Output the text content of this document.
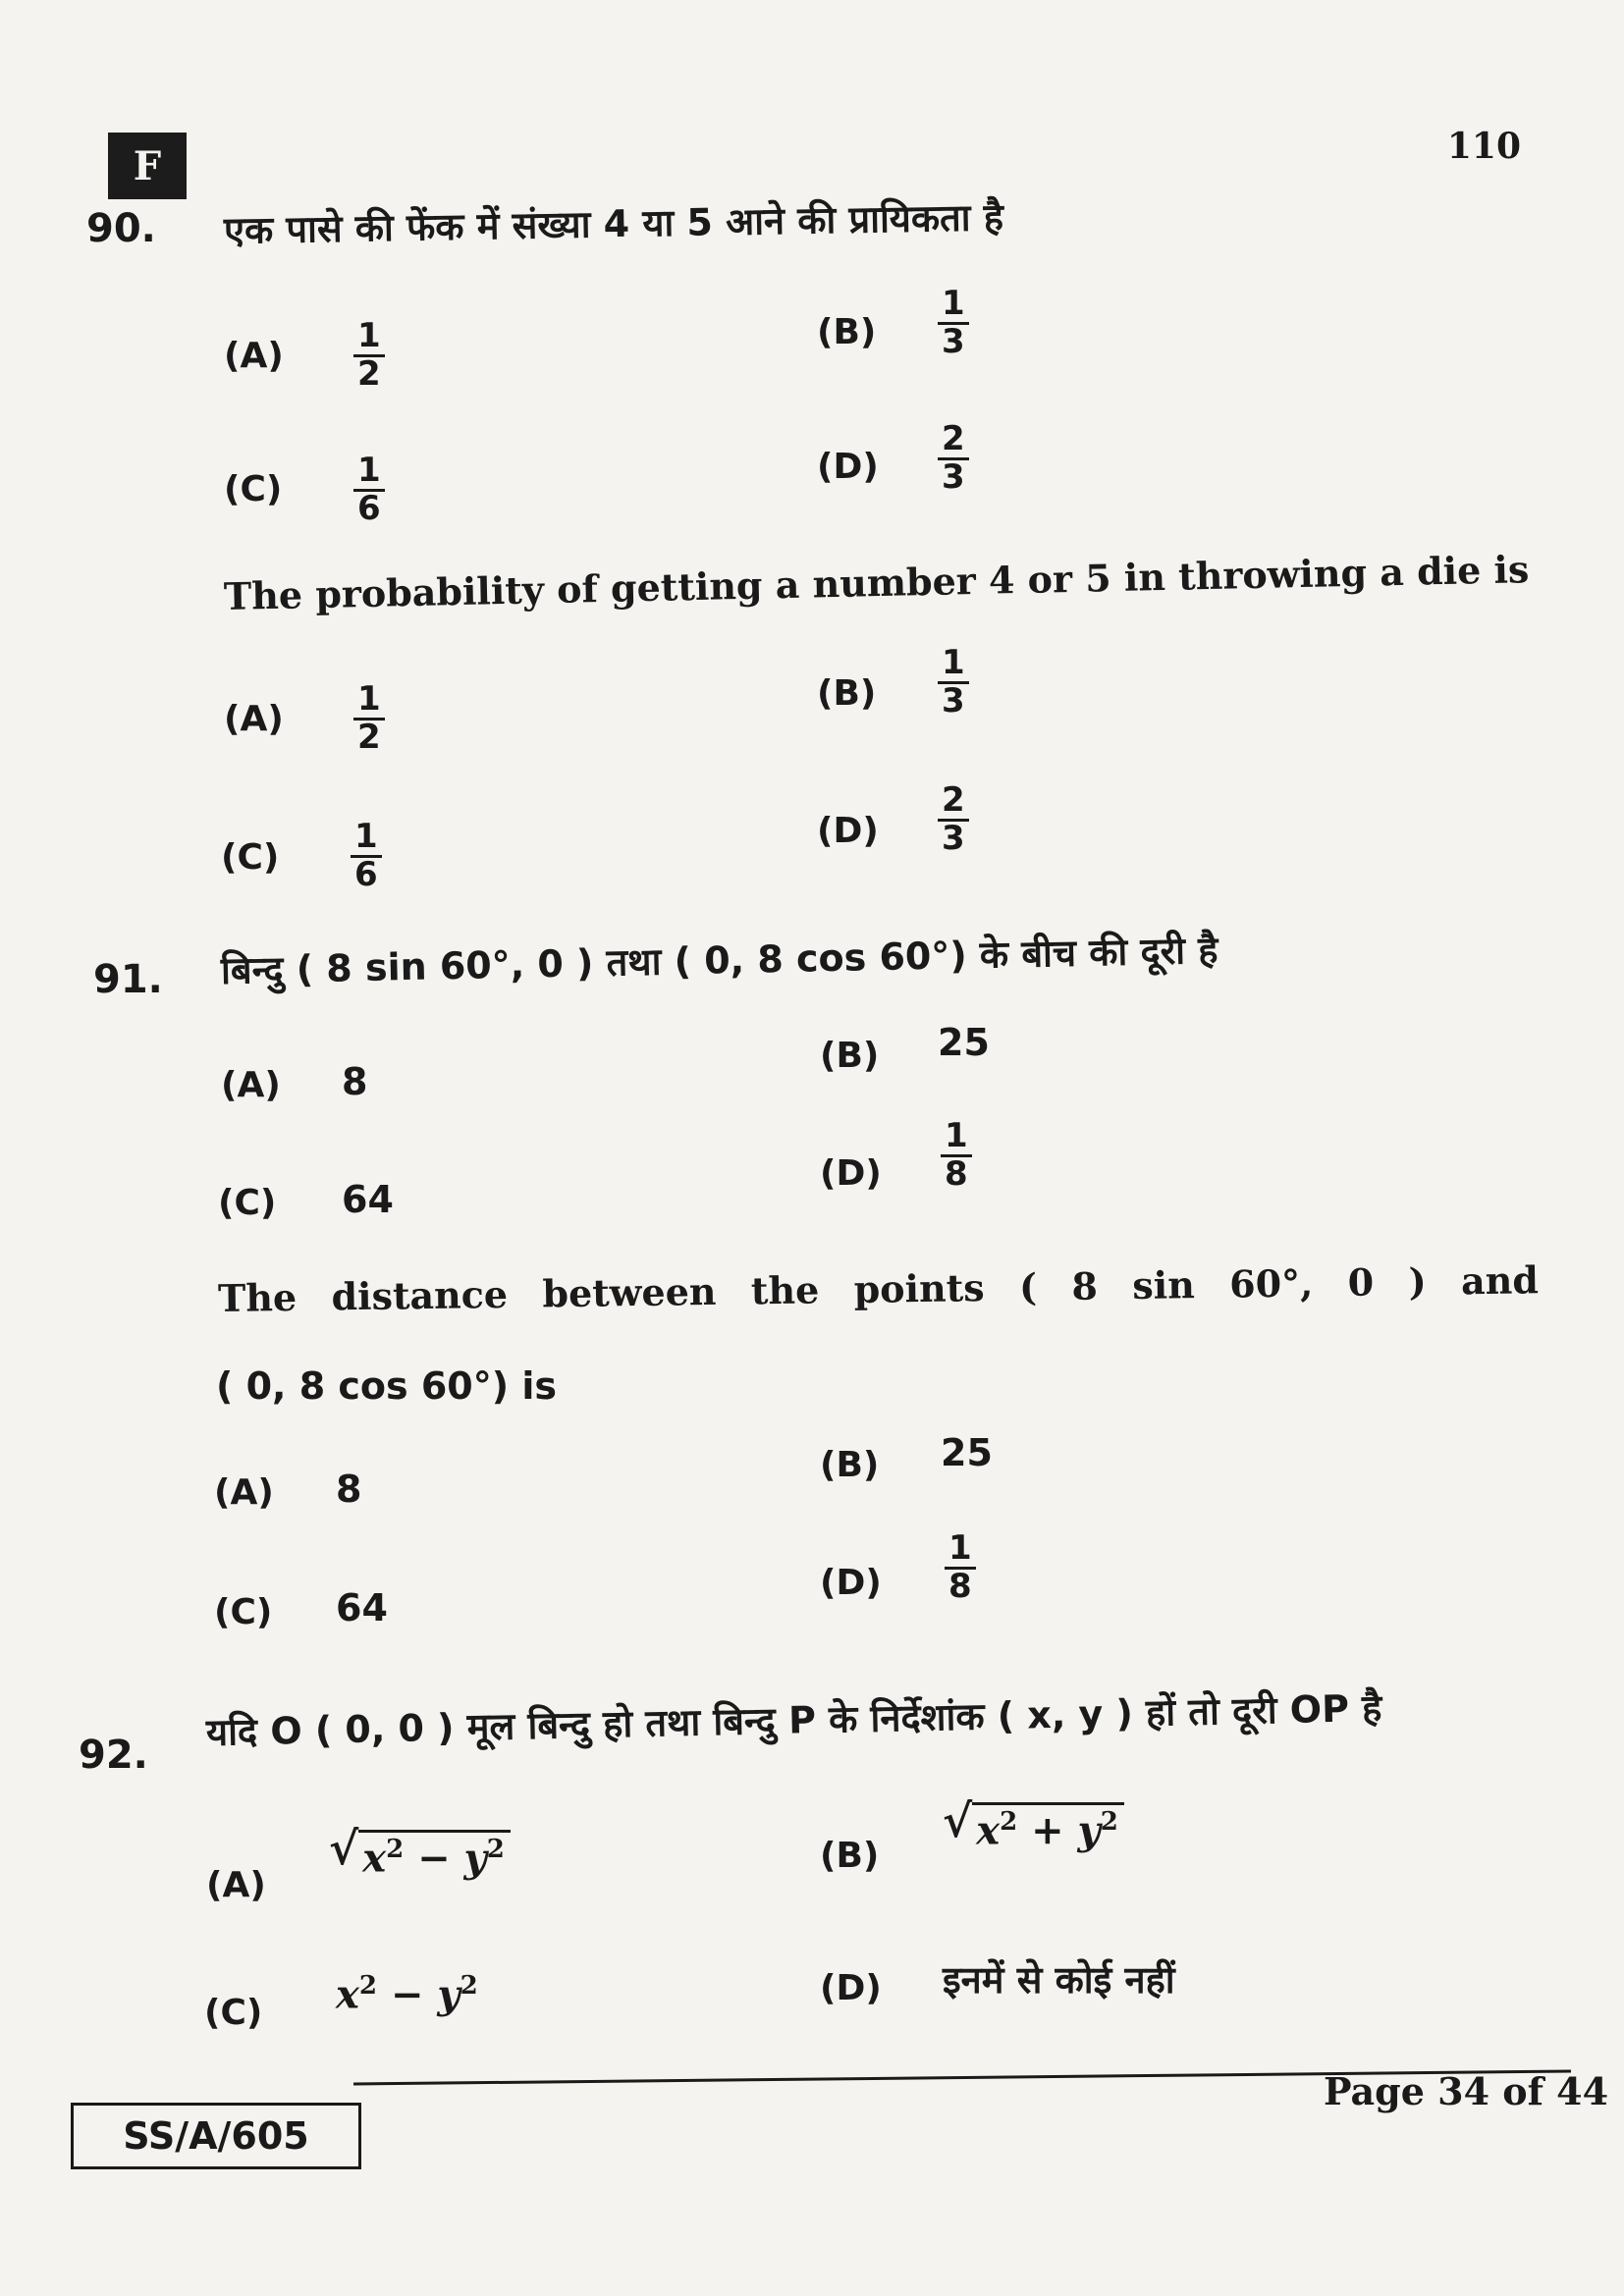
F	110
90. एक पासे की फेंक में संख्या 4 या 5 आने की प्रायिकता है
$(A) \frac{1}{2}$	$(B) \frac{1}{3}$
$(C) \frac{1}{6}$	$(D) \frac{2}{3}$
The probability of getting a number 4 or 5 in throwing a die is
$(A) \frac{1}{2}$	$(B) \frac{1}{3}$
$(C) \frac{1}{6}$	$(D) \frac{2}{3}$
91. बिन्दु ( 8 sin 60°, 0 ) तथा ( 0, 8 cos 60°) के बीच की दूरी है
(A) 8
(B) 25
(C) 64
$(D) \frac{1}{8}$
The distance between the points ( 8 sin 60°, 0 ) and
( 0, 8 cos 60°) is
(A) 8
(B) 25
(C) 64
$(D) \frac{1}{8}$
92.
यदि O ( 0, 0 ) मूल बिन्दु हो तथा बिन्दु P के निर्देशांक ( x, y ) हों तो दूरी OP है
(A)
√ $x^2 - y^2$	(B)
√ $x^2 + y^2$
(C) $x^2 - y^2$	(D) इनमें से कोई नहीं
SS/A/605
Page 34 of 44
